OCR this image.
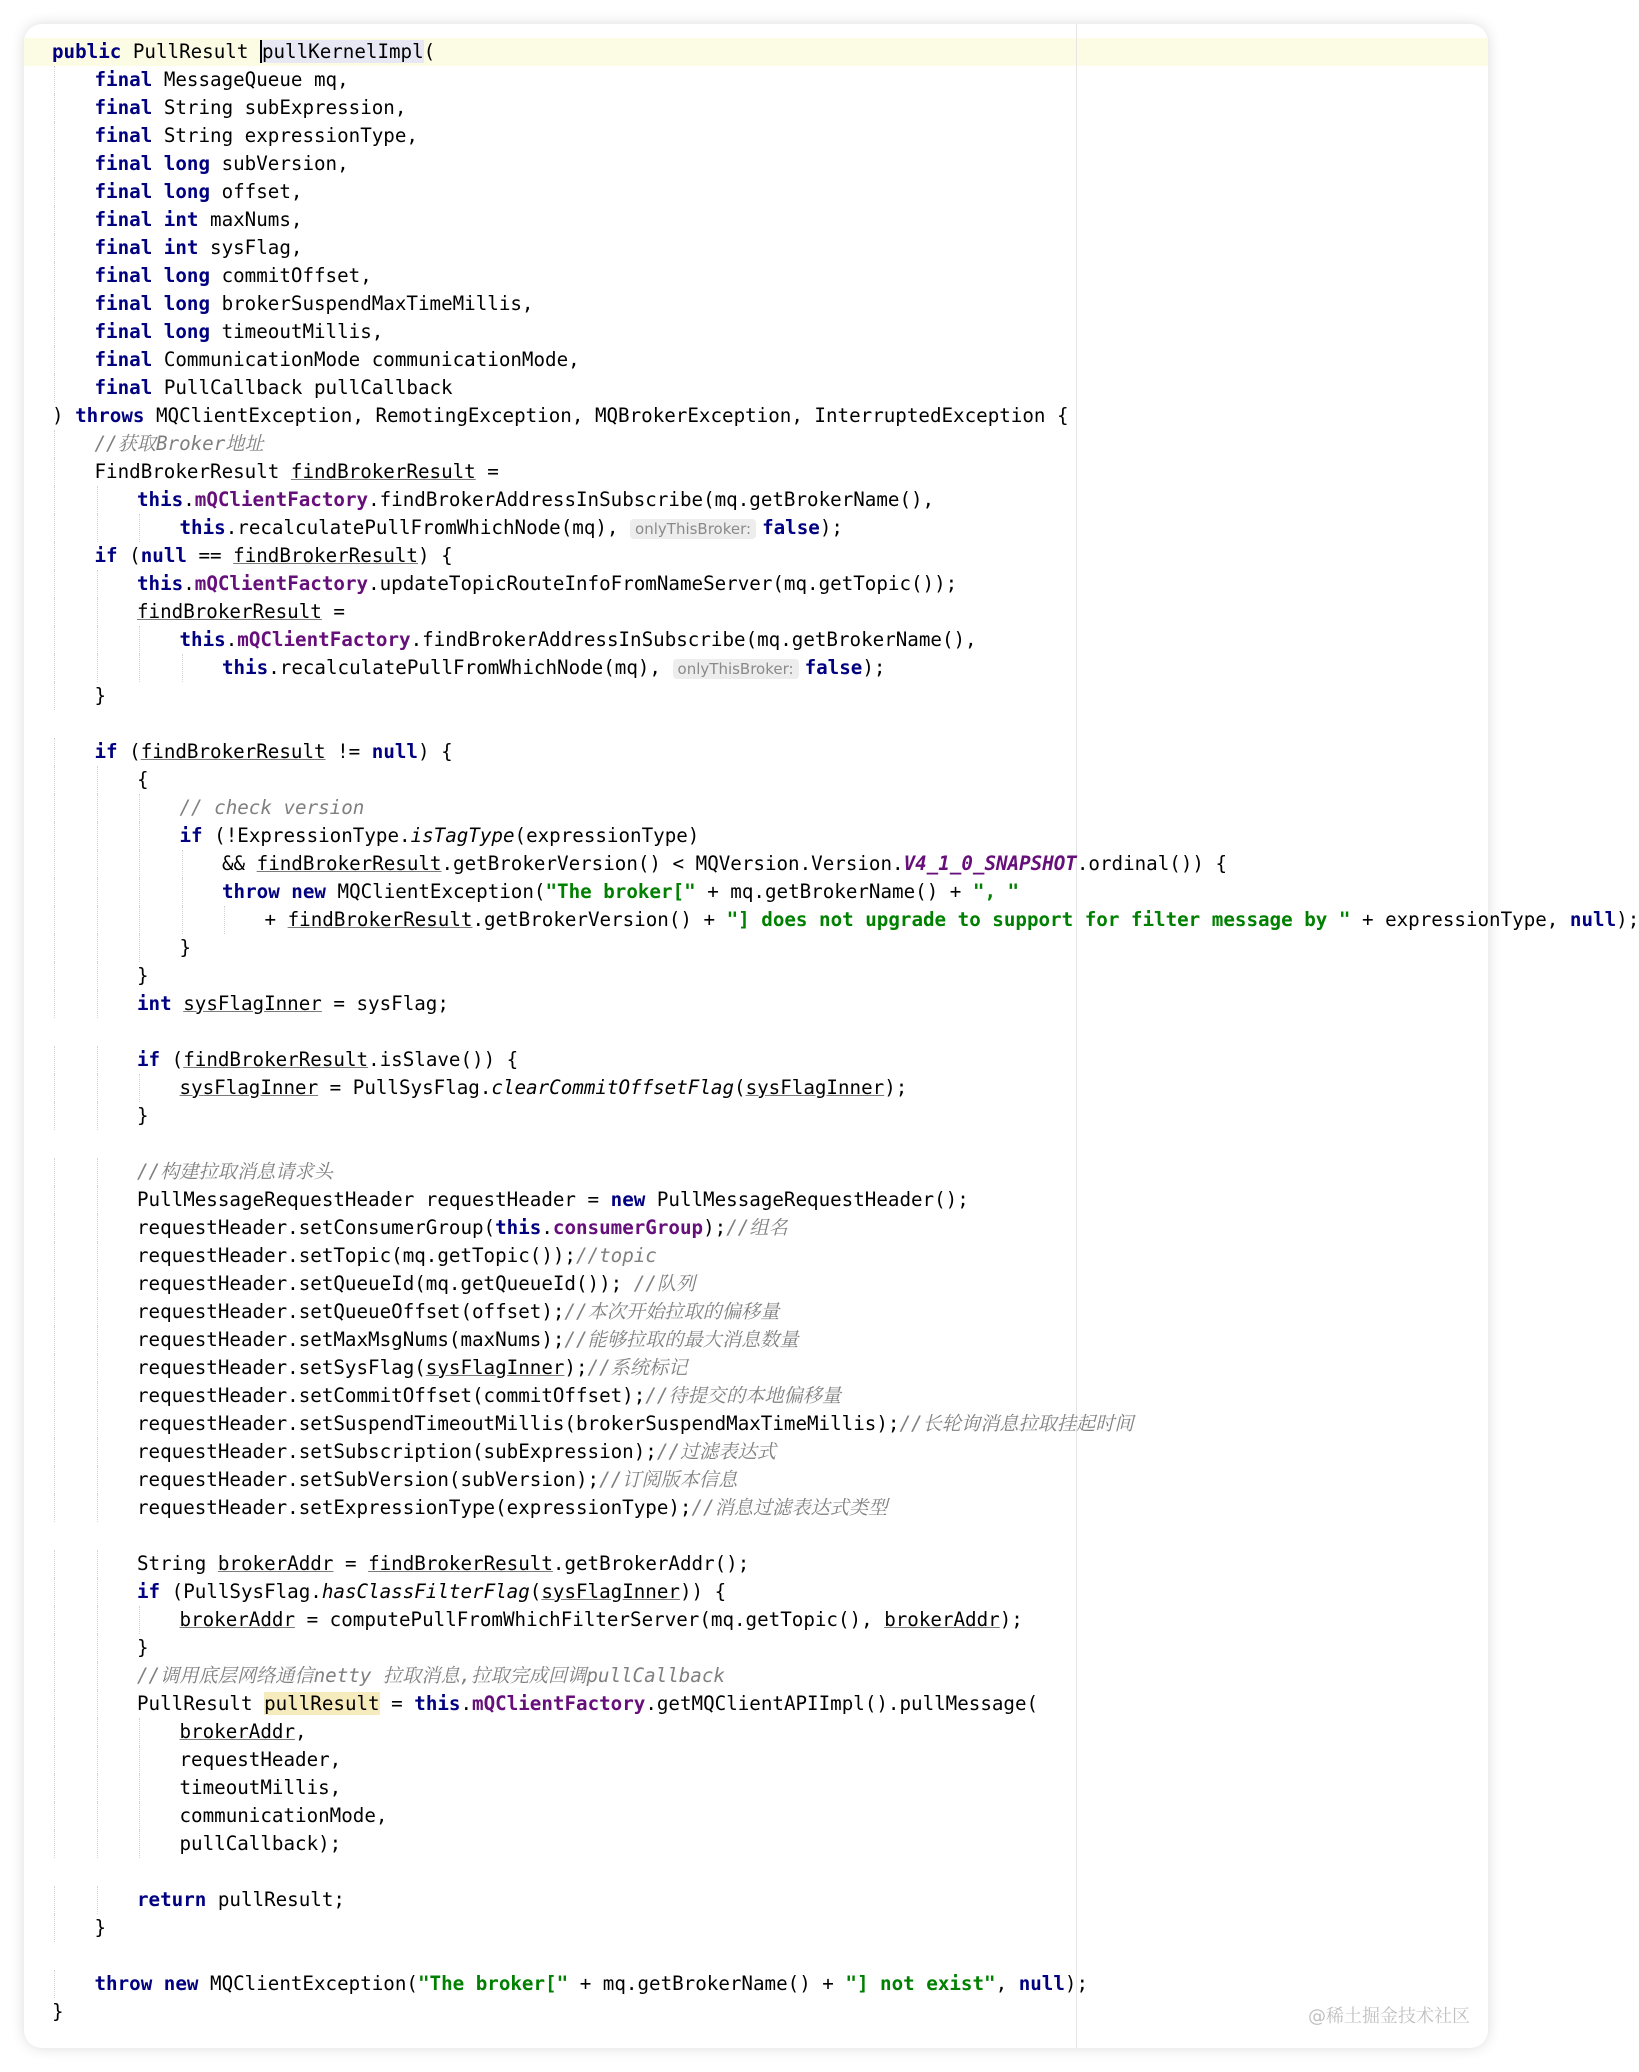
public PullResult pullKernelImpl(
final MessageQueue mq,
final String subExpression,
final String expressionType,
final long subVersion,
final long offset,
final int maxNums,
final int sysFlag,
final long commitOffset,
final long brokerSuspendMaxTimeMillis,
final long timeoutMillis,
final CommunicationMode communicationMode,
final PullCallback pullCallback
) throws MQClientException, RemotingException, MQBrokerException, InterruptedException {
//获取Broker地址
FindBrokerResult findBrokerResult =
this.mQClientFactory.findBrokerAddressInSubscribe(mq.getBrokerName(),
this.recalculatePullFromWhichNode(mq), onlyThisBroker: false);
if (null == findBrokerResult) {
this.mQClientFactory.updateTopicRouteInfoFromNameServer(mq.getTopic());
findBrokerResult =
this.mQClientFactory.findBrokerAddressInSubscribe(mq.getBrokerName(),
this.recalculatePullFromWhichNode(mq), onlyThisBroker: false);
}
if (findBrokerResult != null) {
{
// check version
if (!ExpressionType.isTagType(expressionType)
&& findBrokerResult.getBrokerVersion() < MQVersion.Version.V4_1_0_SNAPSHOT.ordinal()) {
throw new MQClientException("The broker[" + mq.getBrokerName() + ", "
+ findBrokerResult.getBrokerVersion() + "] does not upgrade to support for filter message by " + expressionType, null);
}
}
int sysFlagInner = sysFlag;
if (findBrokerResult.isSlave()) {
sysFlagInner = PullSysFlag.clearCommitOffsetFlag(sysFlagInner);
}
//构建拉取消息请求头
PullMessageRequestHeader requestHeader = new PullMessageRequestHeader();
requestHeader.setConsumerGroup(this.consumerGroup);//组名
requestHeader.setTopic(mq.getTopic());//topic
requestHeader.setQueueId(mq.getQueueId()); //队列
requestHeader.setQueueOffset(offset);//本次开始拉取的偏移量
requestHeader.setMaxMsgNums(maxNums);//能够拉取的最大消息数量
requestHeader.setSysFlag(sysFlagInner);//系统标记
requestHeader.setCommitOffset(commitOffset);//待提交的本地偏移量
requestHeader.setSuspendTimeoutMillis(brokerSuspendMaxTimeMillis);//长轮询消息拉取挂起时间
requestHeader.setSubscription(subExpression);//过滤表达式
requestHeader.setSubVersion(subVersion);//订阅版本信息
requestHeader.setExpressionType(expressionType);//消息过滤表达式类型
String brokerAddr = findBrokerResult.getBrokerAddr();
if (PullSysFlag.hasClassFilterFlag(sysFlagInner)) {
brokerAddr = computePullFromWhichFilterServer(mq.getTopic(), brokerAddr);
}
//调用底层网络通信netty 拉取消息,拉取完成回调pullCallback
PullResult pullResult = this.mQClientFactory.getMQClientAPIImpl().pullMessage(
brokerAddr,
requestHeader,
timeoutMillis,
communicationMode,
pullCallback);
return pullResult;
}
throw new MQClientException("The broker[" + mq.getBrokerName() + "] not exist", null);
}	@稀土掘金技术社区
